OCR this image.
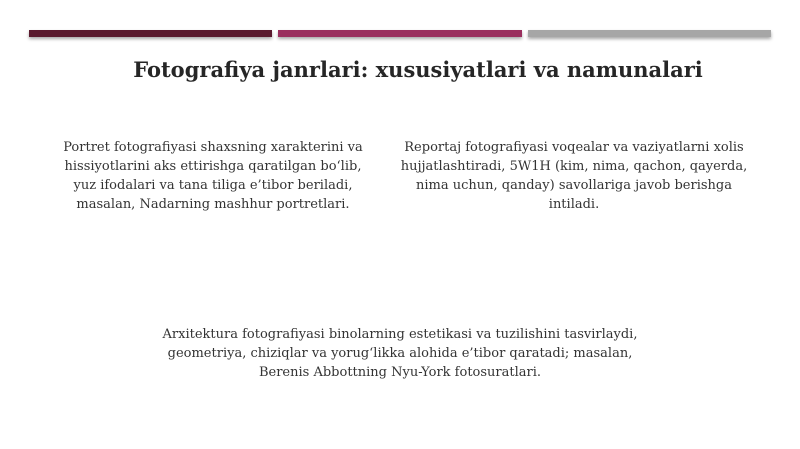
Fotografiya janrlari: xususiyatlari va namunalari
Portret fotografiyasi shaxsning xarakterini va hissiyotlarini aks ettirishga qaratilgan bo‘lib, yuz ifodalari va tana tiliga e’tibor beriladi, masalan, Nadarning mashhur portretlari.
Reportaj fotografiyasi voqealar va vaziyatlarni xolis hujjatlashtiradi, 5W1H (kim, nima, qachon, qayerda, nima uchun, qanday) savollariga javob berishga intiladi.
Arxitektura fotografiyasi binolarning estetikasi va tuzilishini tasvirlaydi, geometriya, chiziqlar va yorug‘likka alohida e’tibor qaratadi; masalan, Berenis Abbottning Nyu-York fotosuratlari.
